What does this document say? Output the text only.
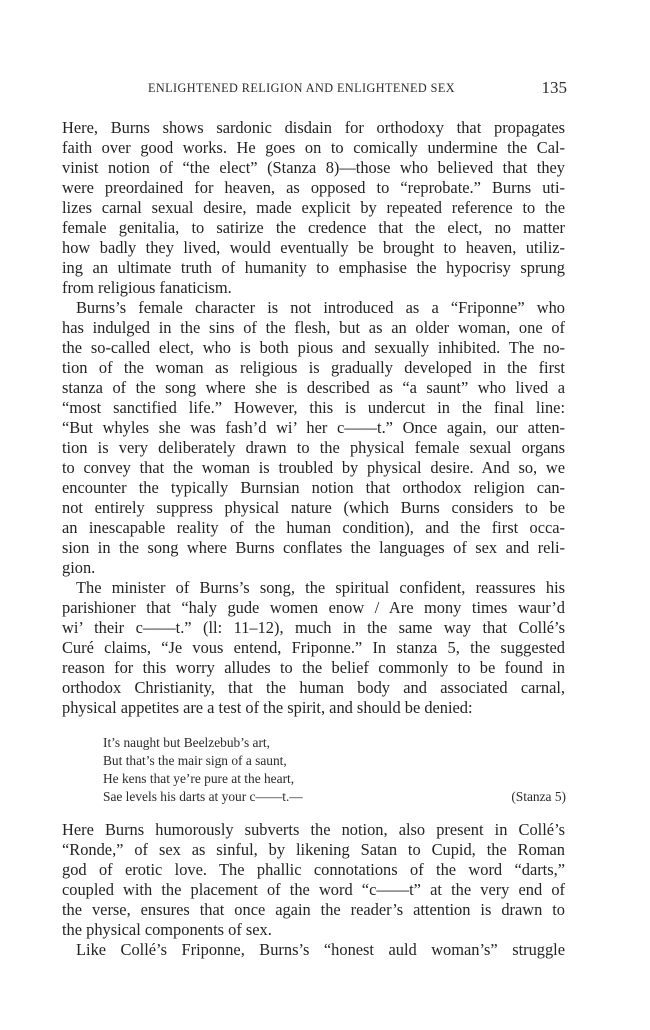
ENLIGHTENED RELIGION AND ENLIGHTENED SEX	135
Here, Burns shows sardonic disdain for orthodoxy that propagates
faith over good works. He goes on to comically undermine the Cal-
vinist notion of “the elect” (Stanza 8)—those who believed that they
were preordained for heaven, as opposed to “reprobate.” Burns uti-
lizes carnal sexual desire, made explicit by repeated reference to the
female genitalia, to satirize the credence that the elect, no matter
how badly they lived, would eventually be brought to heaven, utiliz-
ing an ultimate truth of humanity to emphasise the hypocrisy sprung
from religious fanaticism.
Burns’s female character is not introduced as a “Friponne” who
has indulged in the sins of the flesh, but as an older woman, one of
the so-called elect, who is both pious and sexually inhibited. The no-
tion of the woman as religious is gradually developed in the first
stanza of the song where she is described as “a saunt” who lived a
“most sanctified life.” However, this is undercut in the final line:
“But whyles she was fash’d wi’ her c——t.” Once again, our atten-
tion is very deliberately drawn to the physical female sexual organs
to convey that the woman is troubled by physical desire. And so, we
encounter the typically Burnsian notion that orthodox religion can-
not entirely suppress physical nature (which Burns considers to be
an inescapable reality of the human condition), and the first occa-
sion in the song where Burns conflates the languages of sex and reli-
gion.
The minister of Burns’s song, the spiritual confident, reassures his
parishioner that “haly gude women enow / Are mony times waur’d
wi’ their c——t.” (ll: 11–12), much in the same way that Collé’s
Curé claims, “Je vous entend, Friponne.” In stanza 5, the suggested
reason for this worry alludes to the belief commonly to be found in
orthodox Christianity, that the human body and associated carnal,
physical appetites are a test of the spirit, and should be denied:
It’s naught but Beelzebub’s art,
But that’s the mair sign of a saunt,
He kens that ye’re pure at the heart,
Sae levels his darts at your c——t.—	(Stanza 5)
Here Burns humorously subverts the notion, also present in Collé’s
“Ronde,” of sex as sinful, by likening Satan to Cupid, the Roman
god of erotic love. The phallic connotations of the word “darts,”
coupled with the placement of the word “c——t” at the very end of
the verse, ensures that once again the reader’s attention is drawn to
the physical components of sex.
Like Collé’s Friponne, Burns’s “honest auld woman’s” struggle
